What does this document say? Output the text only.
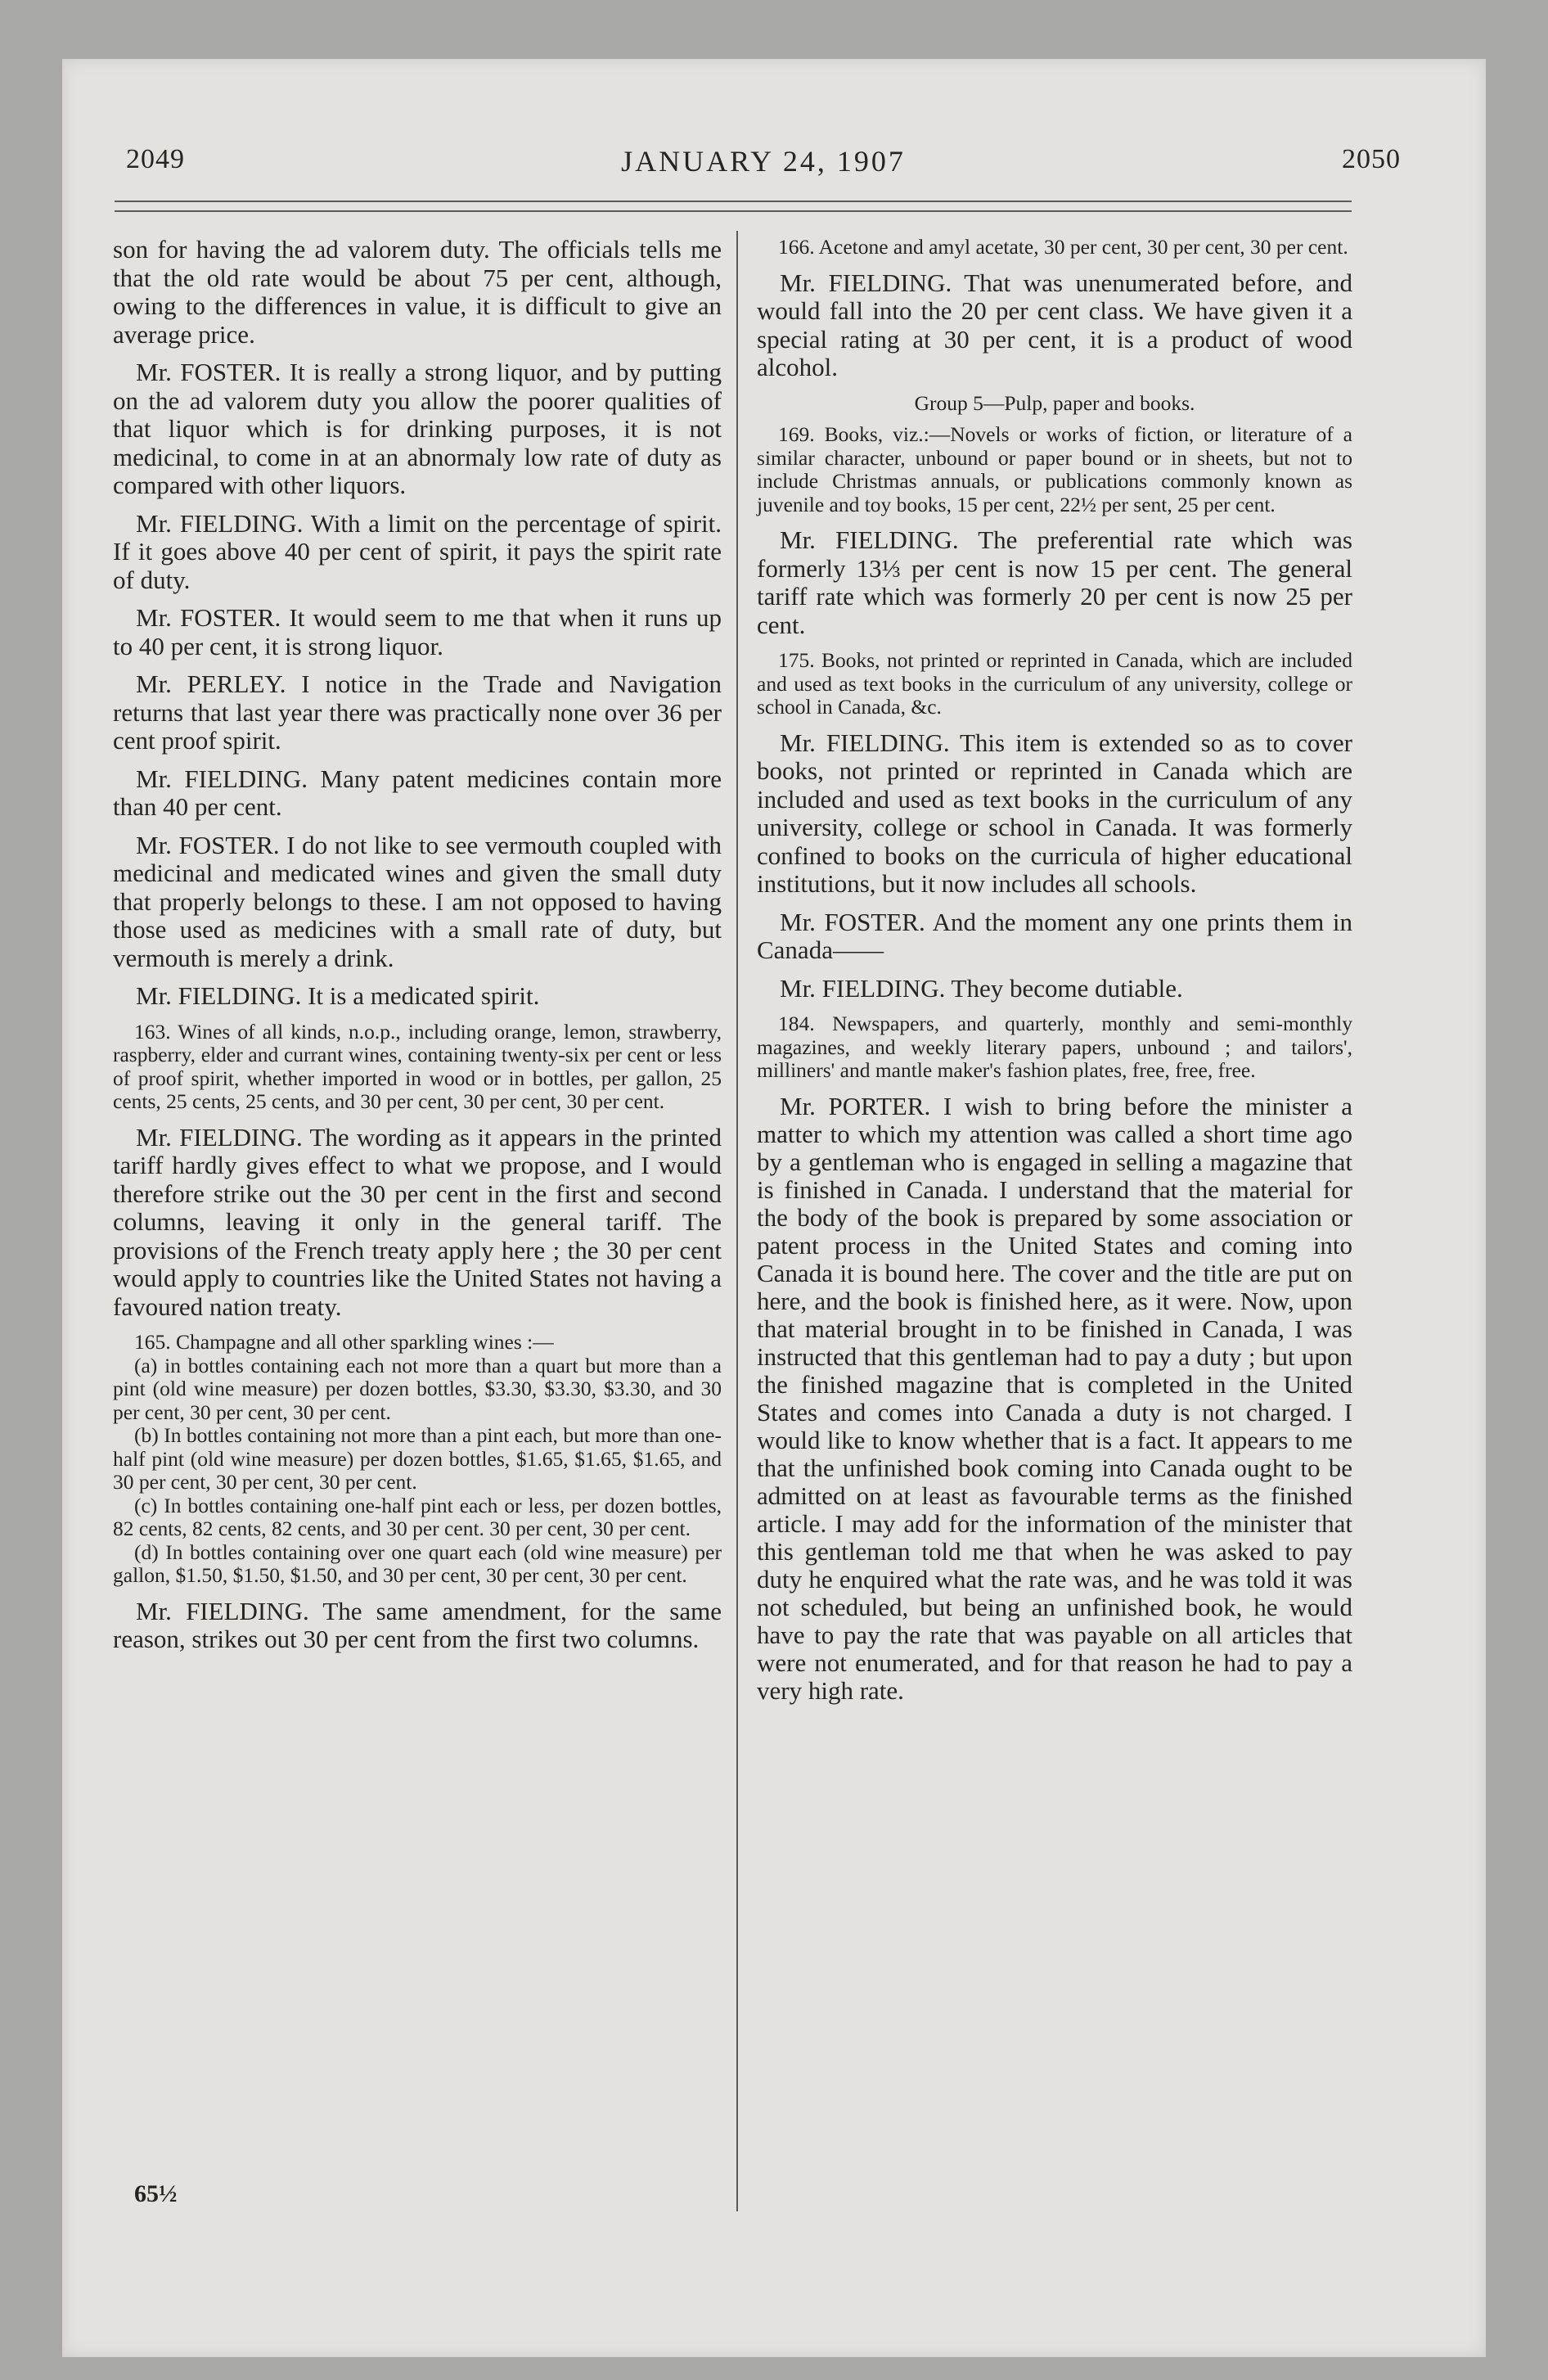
2049	JANUARY 24, 1907	2050

son for having the ad valorem duty. The officials tells me that the old rate would be about 75 per cent, although, owing to the differences in value, it is difficult to give an average price.

Mr. FOSTER. It is really a strong liquor, and by putting on the ad valorem duty you allow the poorer qualities of that liquor which is for drinking purposes, it is not medicinal, to come in at an abnormaly low rate of duty as compared with other liquors.

Mr. FIELDING. With a limit on the percentage of spirit. If it goes above 40 per cent of spirit, it pays the spirit rate of duty.

Mr. FOSTER. It would seem to me that when it runs up to 40 per cent, it is strong liquor.

Mr. PERLEY. I notice in the Trade and Navigation returns that last year there was practically none over 36 per cent proof spirit.

Mr. FIELDING. Many patent medicines contain more than 40 per cent.

Mr. FOSTER. I do not like to see vermouth coupled with medicinal and medicated wines and given the small duty that properly belongs to these. I am not opposed to having those used as medicines with a small rate of duty, but vermouth is merely a drink.

Mr. FIELDING. It is a medicated spirit.

163. Wines of all kinds, n.o.p., including orange, lemon, strawberry, raspberry, elder and currant wines, containing twenty-six per cent or less of proof spirit, whether imported in wood or in bottles, per gallon, 25 cents, 25 cents, 25 cents, and 30 per cent, 30 per cent, 30 per cent.

Mr. FIELDING. The wording as it appears in the printed tariff hardly gives effect to what we propose, and I would therefore strike out the 30 per cent in the first and second columns, leaving it only in the general tariff. The provisions of the French treaty apply here ; the 30 per cent would apply to countries like the United States not having a favoured nation treaty.

165. Champagne and all other sparkling wines :—

(a) in bottles containing each not more than a quart but more than a pint (old wine measure) per dozen bottles, $3.30, $3.30, $3.30, and 30 per cent, 30 per cent, 30 per cent.

(b) In bottles containing not more than a pint each, but more than one-half pint (old wine measure) per dozen bottles, $1.65, $1.65, $1.65, and 30 per cent, 30 per cent, 30 per cent.

(c) In bottles containing one-half pint each or less, per dozen bottles, 82 cents, 82 cents, 82 cents, and 30 per cent. 30 per cent, 30 per cent.

(d) In bottles containing over one quart each (old wine measure) per gallon, $1.50, $1.50, $1.50, and 30 per cent, 30 per cent, 30 per cent.

Mr. FIELDING. The same amendment, for the same reason, strikes out 30 per cent from the first two columns.

166. Acetone and amyl acetate, 30 per cent, 30 per cent, 30 per cent.

Mr. FIELDING. That was unenumerated before, and would fall into the 20 per cent class. We have given it a special rating at 30 per cent, it is a product of wood alcohol.

Group 5—Pulp, paper and books.

169. Books, viz.:—Novels or works of fiction, or literature of a similar character, unbound or paper bound or in sheets, but not to include Christmas annuals, or publications commonly known as juvenile and toy books, 15 per cent, 22½ per sent, 25 per cent.

Mr. FIELDING. The preferential rate which was formerly 13⅓ per cent is now 15 per cent. The general tariff rate which was formerly 20 per cent is now 25 per cent.

175. Books, not printed or reprinted in Canada, which are included and used as text books in the curriculum of any university, college or school in Canada, &c.

Mr. FIELDING. This item is extended so as to cover books, not printed or reprinted in Canada which are included and used as text books in the curriculum of any university, college or school in Canada. It was formerly confined to books on the curricula of higher educational institutions, but it now includes all schools.

Mr. FOSTER. And the moment any one prints them in Canada——

Mr. FIELDING. They become dutiable.

184. Newspapers, and quarterly, monthly and semi-monthly magazines, and weekly literary papers, unbound ; and tailors', milliners' and mantle maker's fashion plates, free, free, free.

Mr. PORTER. I wish to bring before the minister a matter to which my attention was called a short time ago by a gentleman who is engaged in selling a magazine that is finished in Canada. I understand that the material for the body of the book is prepared by some association or patent process in the United States and coming into Canada it is bound here. The cover and the title are put on here, and the book is finished here, as it were. Now, upon that material brought in to be finished in Canada, I was instructed that this gentleman had to pay a duty ; but upon the finished magazine that is completed in the United States and comes into Canada a duty is not charged. I would like to know whether that is a fact. It appears to me that the unfinished book coming into Canada ought to be admitted on at least as favourable terms as the finished article. I may add for the information of the minister that this gentleman told me that when he was asked to pay duty he enquired what the rate was, and he was told it was not scheduled, but being an unfinished book, he would have to pay the rate that was payable on all articles that were not enumerated, and for that reason he had to pay a very high rate.

65½
